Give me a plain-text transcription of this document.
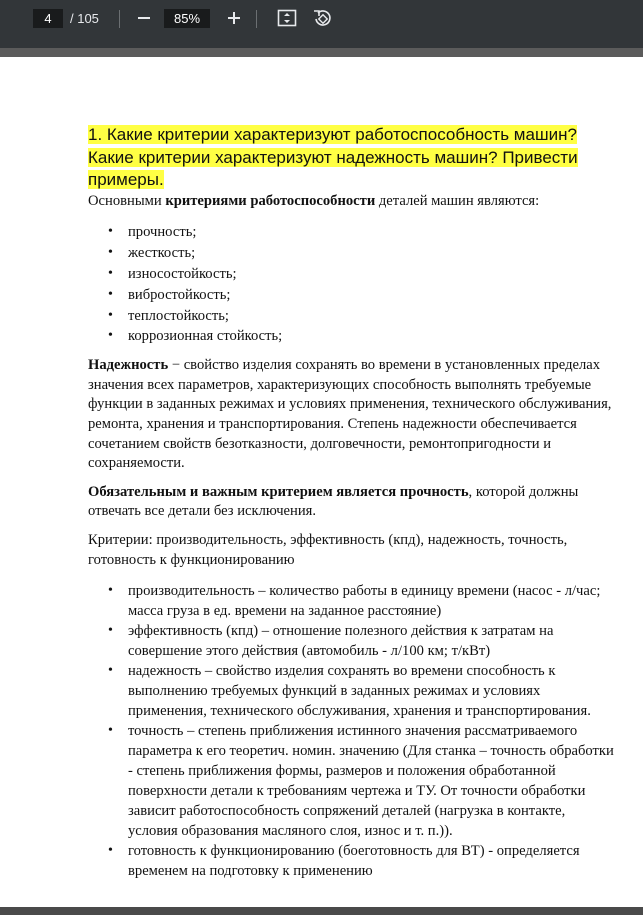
4
/ 105
85%
1. Какие критерии характеризуют работоспособность машин? Какие критерии характеризуют надежность машин? Привести примеры.

Основными критериями работоспособности деталей машин являются:

• прочность;
• жесткость;
• износостойкость;
• вибростойкость;
• теплостойкость;
• коррозионная стойкость;

Надежность − свойство изделия сохранять во времени в установленных пределах значения всех параметров, характеризующих способность выполнять требуемые функции в заданных режимах и условиях применения, технического обслуживания, ремонта, хранения и транспортирования. Степень надежности обеспечивается сочетанием свойств безотказности, долговечности, ремонтопригодности и сохраняемости.

Обязательным и важным критерием является прочность, которой должны отвечать все детали без исключения.

Критерии: производительность, эффективность (кпд), надежность, точность, готовность к функционированию

• производительность – количество работы в единицу времени (насос - л/час; масса груза в ед. времени на заданное расстояние)
• эффективность (кпд) – отношение полезного действия к затратам на совершение этого действия (автомобиль - л/100 км; т/кВт)
• надежность – свойство изделия сохранять во времени способность к выполнению требуемых функций в заданных режимах и условиях применения, технического обслуживания, хранения и транспортирования.
• точность – степень приближения истинного значения рассматриваемого параметра к его теоретич. номин. значению (Для станка – точность обработки - степень приближения формы, размеров и положения обработанной поверхности детали к требованиям чертежа и ТУ. От точности обработки зависит работоспособность сопряжений деталей (нагрузка в контакте, условия образования масляного слоя, износ и т. п.)).
• готовность к функционированию (боеготовность для ВТ) - определяется временем на подготовку к применению
